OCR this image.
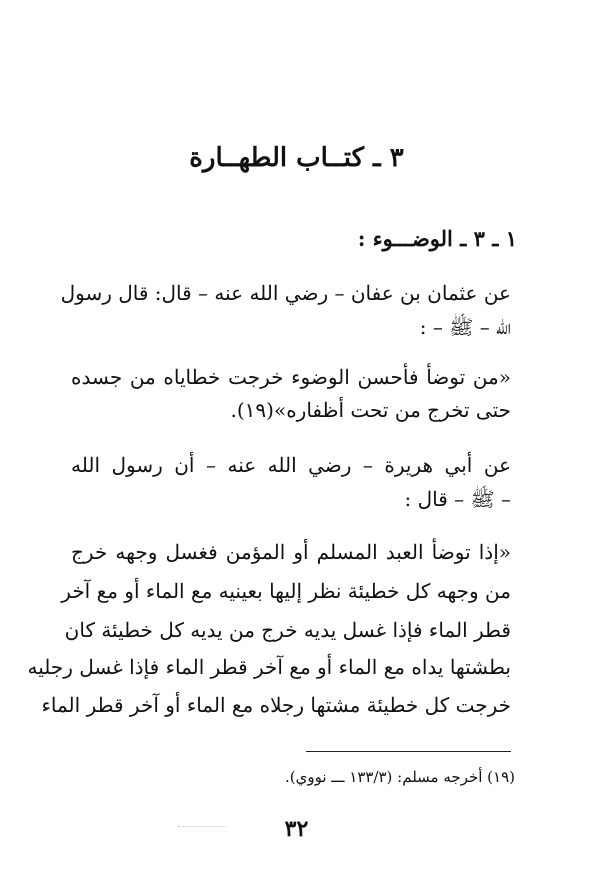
٣ ـ كتــاب الطهــارة
١ ـ ٣ ـ الوضـــوء :
عن عثمان بن عفان – رضي الله عنه – قال: قال رسول
الله – ﷺ – :
«من توضأ فأحسن الوضوء خرجت خطاياه من جسده
حتى تخرج من تحت أظفاره»(١٩).
عن أبي هريرة – رضي الله عنه – أن رسول الله
– ﷺ – قال :
«إذا توضأ العبد المسلم أو المؤمن فغسل وجهه خرج
من وجهه كل خطيئة نظر إليها بعينيه مع الماء أو مع آخر
قطر الماء فإذا غسل يديه خرج من يديه كل خطيئة كان
بطشتها يداه مع الماء أو مع آخر قطر الماء فإذا غسل رجليه
خرجت كل خطيئة مشتها رجلاه مع الماء أو آخر قطر الماء
(١٩) أخرجه مسلم: (١٣٣/٣ ـــ نووي).
٣٢
